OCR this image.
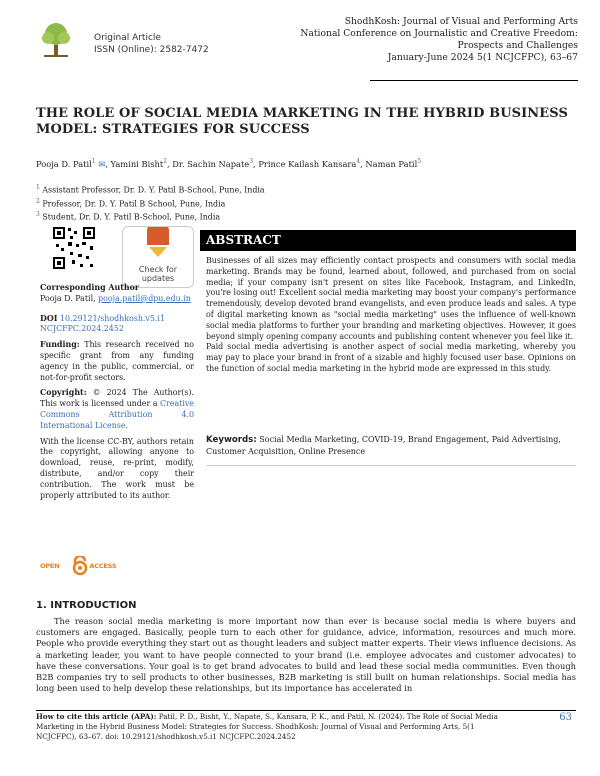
Original Article
ISSN (Online): 2582-7472
ShodhKosh: Journal of Visual and Performing Arts
National Conference on Journalistic and Creative Freedom:
Prospects and Challenges
January-June 2024 5(1 NCJCFPC), 63–67
THE ROLE OF SOCIAL MEDIA MARKETING IN THE HYBRID BUSINESS MODEL: STRATEGIES FOR SUCCESS
Pooja D. Patil$^1$ ✉, Yamini Bisht$^2$, Dr. Sachin Napate$^3$, Prince Kailash Kansara$^4$, Naman Patil$^5$
$^1$ Assistant Professor, Dr. D. Y. Patil B-School, Pune, India
$^2$ Professor, Dr. D. Y. Patil B School, Pune, India
$^3$ Student, Dr. D. Y. Patil B-School, Pune, India
Check for updates
Corresponding Author
Pooja D. Patil, pooja.patil@dpu.edu.in
DOI 10.29121/shodhkosh.v5.i1 NCJCFPC.2024.2452
Funding: This research received no specific grant from any funding agency in the public, commercial, or not-for-profit sectors.
Copyright: © 2024 The Author(s). This work is licensed under a Creative Commons Attribution 4.0 International License.
With the license CC-BY, authors retain the copyright, allowing anyone to download, reuse, re-print, modify, distribute, and/or copy their contribution. The work must be properly attributed to its author.
OPEN ACCESS
ABSTRACT

Businesses of all sizes may efficiently contact prospects and consumers with social media marketing. Brands may be found, learned about, followed, and purchased from on social media; if your company isn't present on sites like Facebook, Instagram, and LinkedIn, you're losing out! Excellent social media marketing may boost your company's performance tremendously, develop devoted brand evangelists, and even produce leads and sales. A type of digital marketing known as "social media marketing" uses the influence of well-known social media platforms to further your branding and marketing objectives. However, it goes beyond simply opening company accounts and publishing content whenever you feel like it.

Paid social media advertising is another aspect of social media marketing, whereby you may pay to place your brand in front of a sizable and highly focused user base. Opinions on the function of social media marketing in the hybrid mode are expressed in this study.

Keywords: Social Media Marketing, COVID-19, Brand Engagement, Paid Advertising, Customer Acquisition, Online Presence
1. INTRODUCTION
The reason social media marketing is more important now than ever is because social media is where buyers and customers are engaged. Basically, people turn to each other for guidance, advice, information, resources and much more. People who provide everything they start out as thought leaders and subject matter experts. Their views influence decisions. As a marketing leader, you want to have people connected to your brand (i.e. employee advocates and customer advocates) to have these conversations. Your goal is to get brand advocates to build and lead these social media communities. Even though B2B companies try to sell products to other businesses, B2B marketing is still built on human relationships. Social media has long been used to help develop these relationships, but its importance has accelerated in
How to cite this article (APA): Patil, P. D., Bisht, Y., Napate, S., Kansara, P. K., and Patil, N. (2024). The Role of Social Media Marketing in the Hybrid Business Model: Strategies for Success. ShodhKosh: Journal of Visual and Performing Arts, 5(1 NCJCFPC), 63–67. doi: 10.29121/shodhkosh.v5.i1 NCJCFPC.2024.2452
63
